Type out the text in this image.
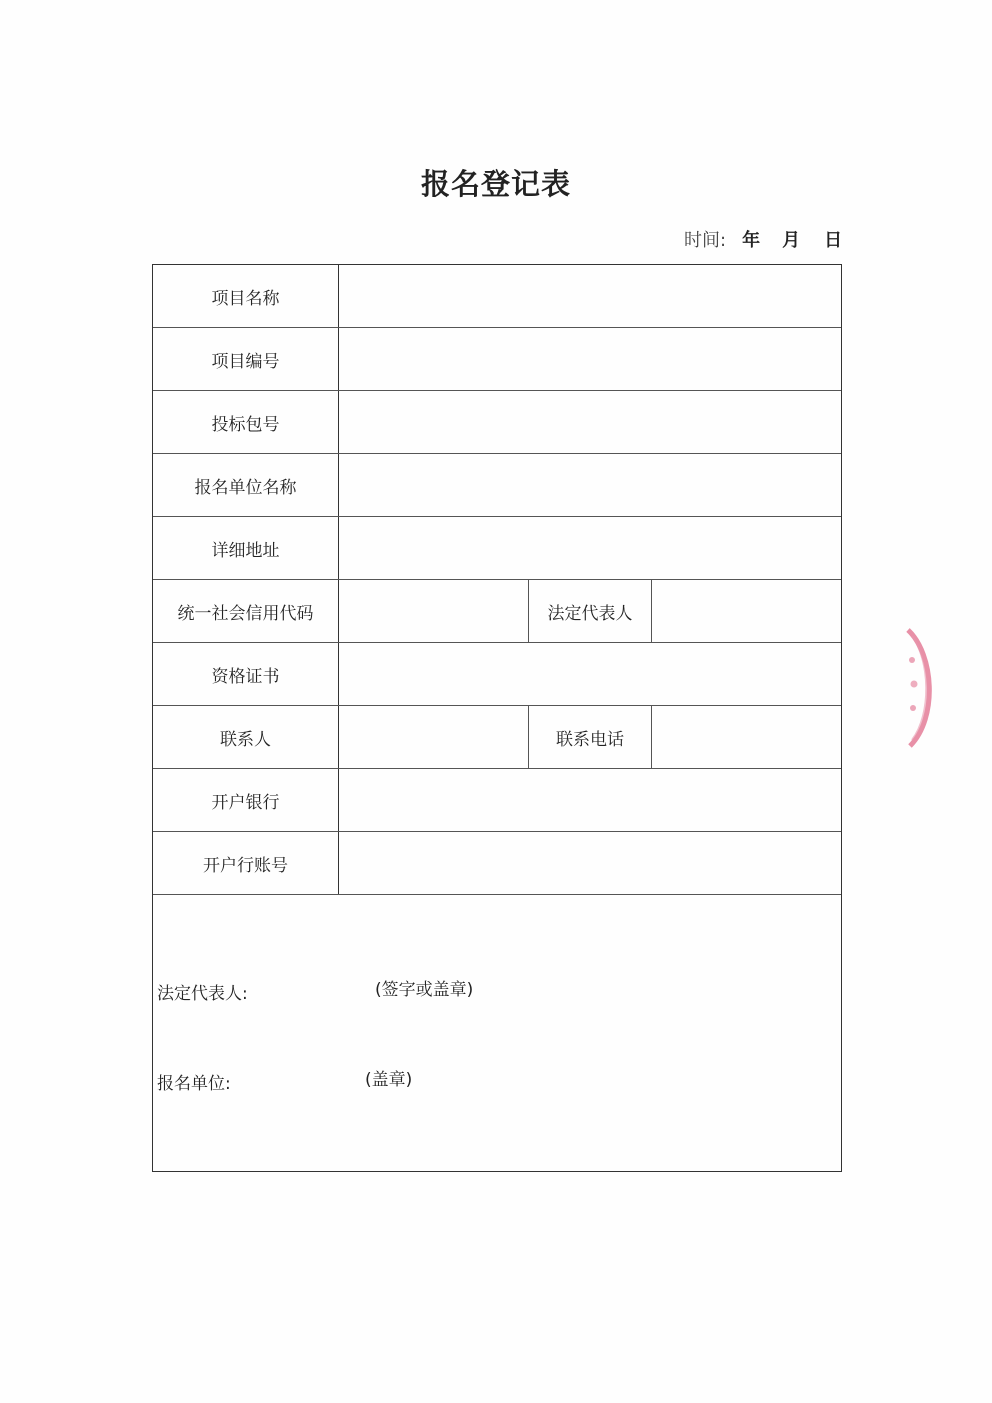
报名登记表
时间: 年 月 日
项目名称
项目编号
投标包号
报名单位名称
详细地址
统一社会信用代码	法定代表人
资格证书
联系人	联系电话
开户银行
开户行账号
法定代表人:	(签字或盖章)
报名单位:	(盖章)
